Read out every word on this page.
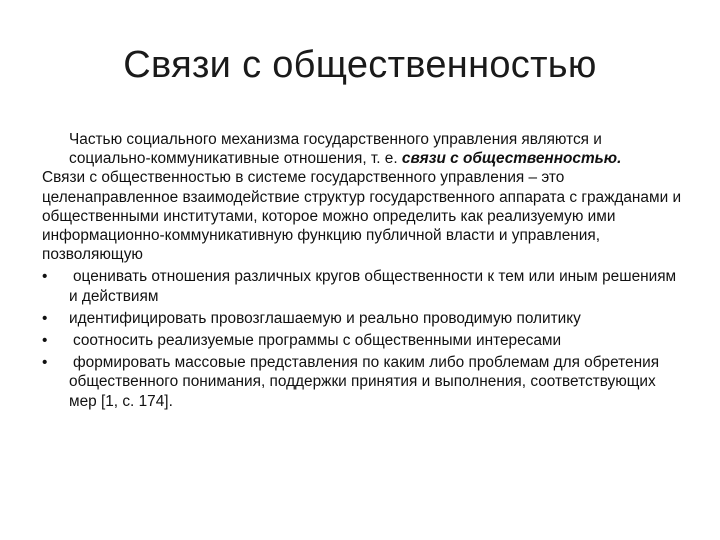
Связи с общественностью

Частью социального механизма государственного управления являются и социально-коммуникативные отношения, т. е. связи с общественностью.

Связи с общественностью в системе государственного управления – это целенаправленное взаимодействие структур государственного аппарата с гражданами и общественными институтами, которое можно определить как реализуемую ими информационно-коммуникативную функцию публичной власти и управления, позволяющую

•	оценивать отношения различных кругов общественности к тем или иным решениям и действиям
•	идентифицировать провозглашаемую и реально проводимую политику
•	соотносить реализуемые программы с общественными интересами
•	формировать массовые представления по каким либо проблемам для обретения общественного понимания, поддержки принятия и выполнения, соответствующих мер [1, с. 174].
